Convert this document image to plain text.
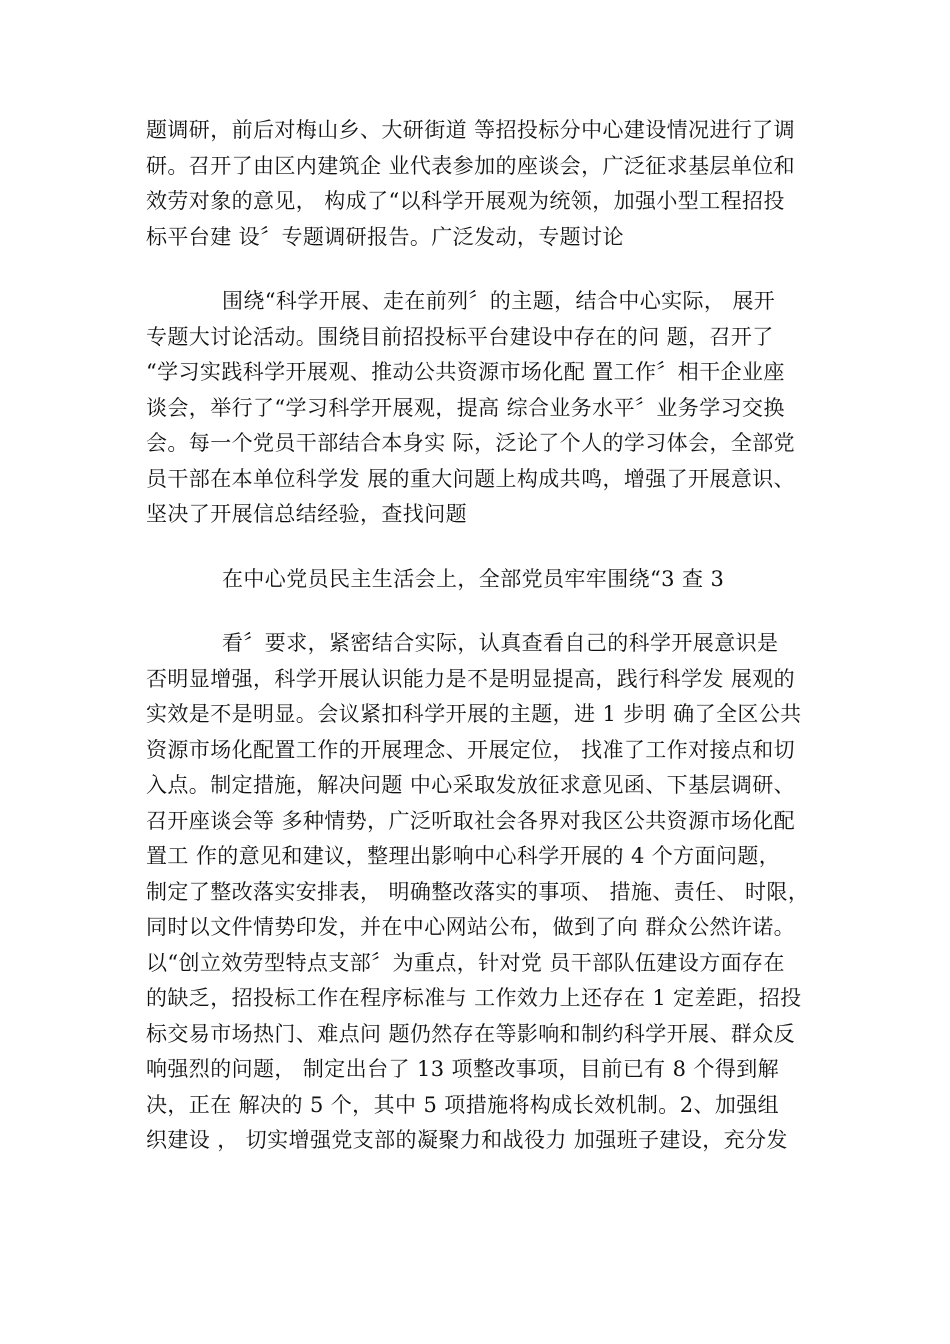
题调研，前后对梅山乡、大研街道 等招投标分中心建设情况进行了调
研。召开了由区内建筑企 业代表参加的座谈会，广泛征求基层单位和
效劳对象的意见， 构成了“以科学开展观为统领，加强小型工程招投
标平台建 设〞专题调研报告。广泛发动，专题讨论
围绕“科学开展、走在前列〞的主题，结合中心实际， 展开
专题大讨论活动。围绕目前招投标平台建设中存在的问 题，召开了
“学习实践科学开展观、推动公共资源市场化配 置工作〞相干企业座
谈会，举行了“学习科学开展观，提高 综合业务水平〞业务学习交换
会。每一个党员干部结合本身实 际，泛论了个人的学习体会，全部党
员干部在本单位科学发 展的重大问题上构成共鸣，增强了开展意识、
坚决了开展信总结经验，查找问题
在中心党员民主生活会上，全部党员牢牢围绕“3 查 3
看〞要求，紧密结合实际，认真查看自己的科学开展意识是
否明显增强，科学开展认识能力是不是明显提高，践行科学发 展观的
实效是不是明显。会议紧扣科学开展的主题，进 1 步明 确了全区公共
资源市场化配置工作的开展理念、开展定位， 找准了工作对接点和切
入点。制定措施，解决问题 中心采取发放征求意见函、下基层调研、
召开座谈会等 多种情势，广泛听取社会各界对我区公共资源市场化配
置工 作的意见和建议，整理出影响中心科学开展的 4 个方面问题，
制定了整改落实安排表， 明确整改落实的事项、 措施、责任、 时限，
同时以文件情势印发，并在中心网站公布，做到了向 群众公然许诺。
以“创立效劳型特点支部〞为重点，针对党 员干部队伍建设方面存在
的缺乏，招投标工作在程序标准与 工作效力上还存在 1 定差距，招投
标交易市场热门、难点问 题仍然存在等影响和制约科学开展、群众反
响强烈的问题， 制定出台了 13 项整改事项，目前已有 8 个得到解
决，正在 解决的 5 个，其中 5 项措施将构成长效机制。2、加强组
织建设 ， 切实增强党支部的凝聚力和战役力 加强班子建设，充分发
